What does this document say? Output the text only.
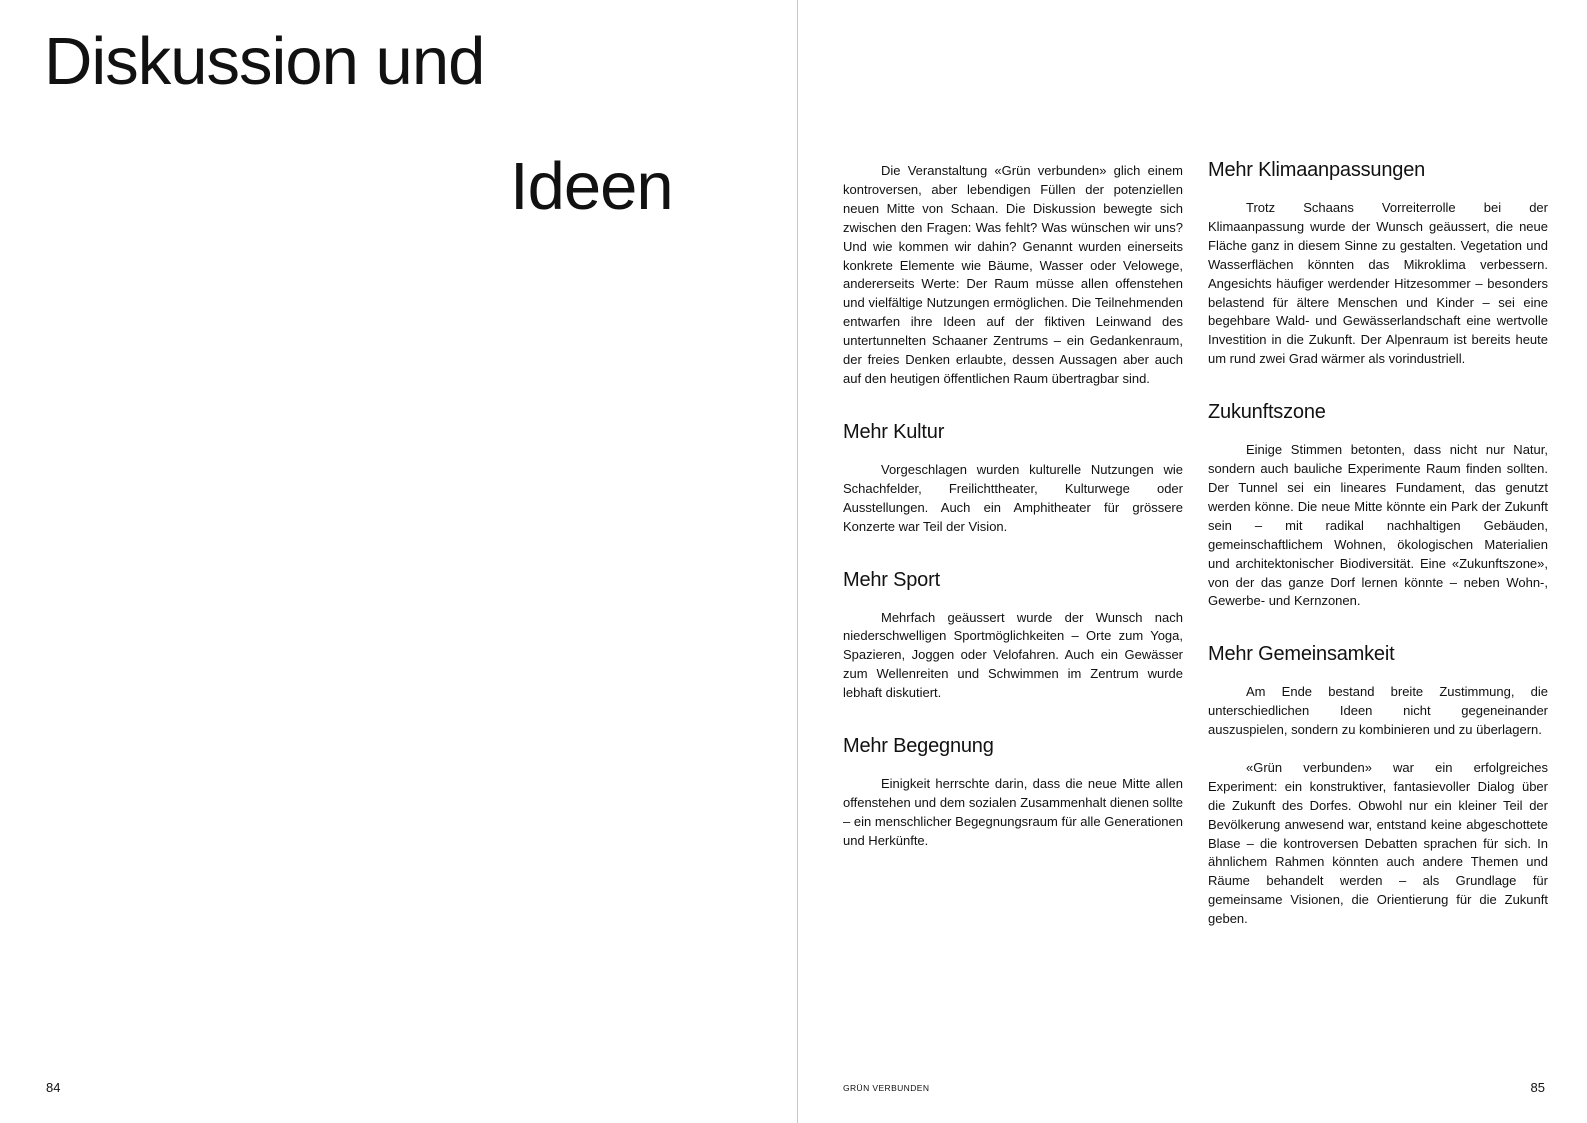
Diskussion und
Ideen
84

Die Veranstaltung «Grün verbunden» glich einem kontroversen, aber lebendigen Füllen der potenziellen neuen Mitte von Schaan. Die Diskussion bewegte sich zwischen den Fragen: Was fehlt? Was wünschen wir uns? Und wie kommen wir dahin? Genannt wurden einerseits konkrete Elemente wie Bäume, Wasser oder Velowege, andererseits Werte: Der Raum müsse allen offenstehen und vielfältige Nutzungen ermöglichen. Die Teilnehmenden entwarfen ihre Ideen auf der fiktiven Leinwand des untertunnelten Schaaner Zentrums – ein Gedankenraum, der freies Denken erlaubte, dessen Aussagen aber auch auf den heutigen öffentlichen Raum übertragbar sind.

Mehr Kultur

Vorgeschlagen wurden kulturelle Nutzungen wie Schachfelder, Freilichttheater, Kulturwege oder Ausstellungen. Auch ein Amphitheater für grössere Konzerte war Teil der Vision.

Mehr Sport

Mehrfach geäussert wurde der Wunsch nach niederschwelligen Sportmöglichkeiten – Orte zum Yoga, Spazieren, Joggen oder Velofahren. Auch ein Gewässer zum Wellenreiten und Schwimmen im Zentrum wurde lebhaft diskutiert.

Mehr Begegnung

Einigkeit herrschte darin, dass die neue Mitte allen offenstehen und dem sozialen Zusammenhalt dienen sollte – ein menschlicher Begegnungsraum für alle Generationen und Herkünfte.

Mehr Klimaanpassungen

Trotz Schaans Vorreiterrolle bei der Klimaanpassung wurde der Wunsch geäussert, die neue Fläche ganz in diesem Sinne zu gestalten. Vegetation und Wasserflächen könnten das Mikroklima verbessern. Angesichts häufiger werdender Hitzesommer – besonders belastend für ältere Menschen und Kinder – sei eine begehbare Wald- und Gewässerlandschaft eine wertvolle Investition in die Zukunft. Der Alpenraum ist bereits heute um rund zwei Grad wärmer als vorindustriell.

Zukunftszone

Einige Stimmen betonten, dass nicht nur Natur, sondern auch bauliche Experimente Raum finden sollten. Der Tunnel sei ein lineares Fundament, das genutzt werden könne. Die neue Mitte könnte ein Park der Zukunft sein – mit radikal nachhaltigen Gebäuden, gemeinschaftlichem Wohnen, ökologischen Materialien und architektonischer Biodiversität. Eine «Zukunftszone», von der das ganze Dorf lernen könnte – neben Wohn-, Gewerbe- und Kernzonen.

Mehr Gemeinsamkeit

Am Ende bestand breite Zustimmung, die unterschiedlichen Ideen nicht gegeneinander auszuspielen, sondern zu kombinieren und zu überlagern.

«Grün verbunden» war ein erfolgreiches Experiment: ein konstruktiver, fantasievoller Dialog über die Zukunft des Dorfes. Obwohl nur ein kleiner Teil der Bevölkerung anwesend war, entstand keine abgeschottete Blase – die kontroversen Debatten sprachen für sich. In ähnlichem Rahmen könnten auch andere Themen und Räume behandelt werden – als Grundlage für gemeinsame Visionen, die Orientierung für die Zukunft geben.

GRÜN VERBUNDEN	85
